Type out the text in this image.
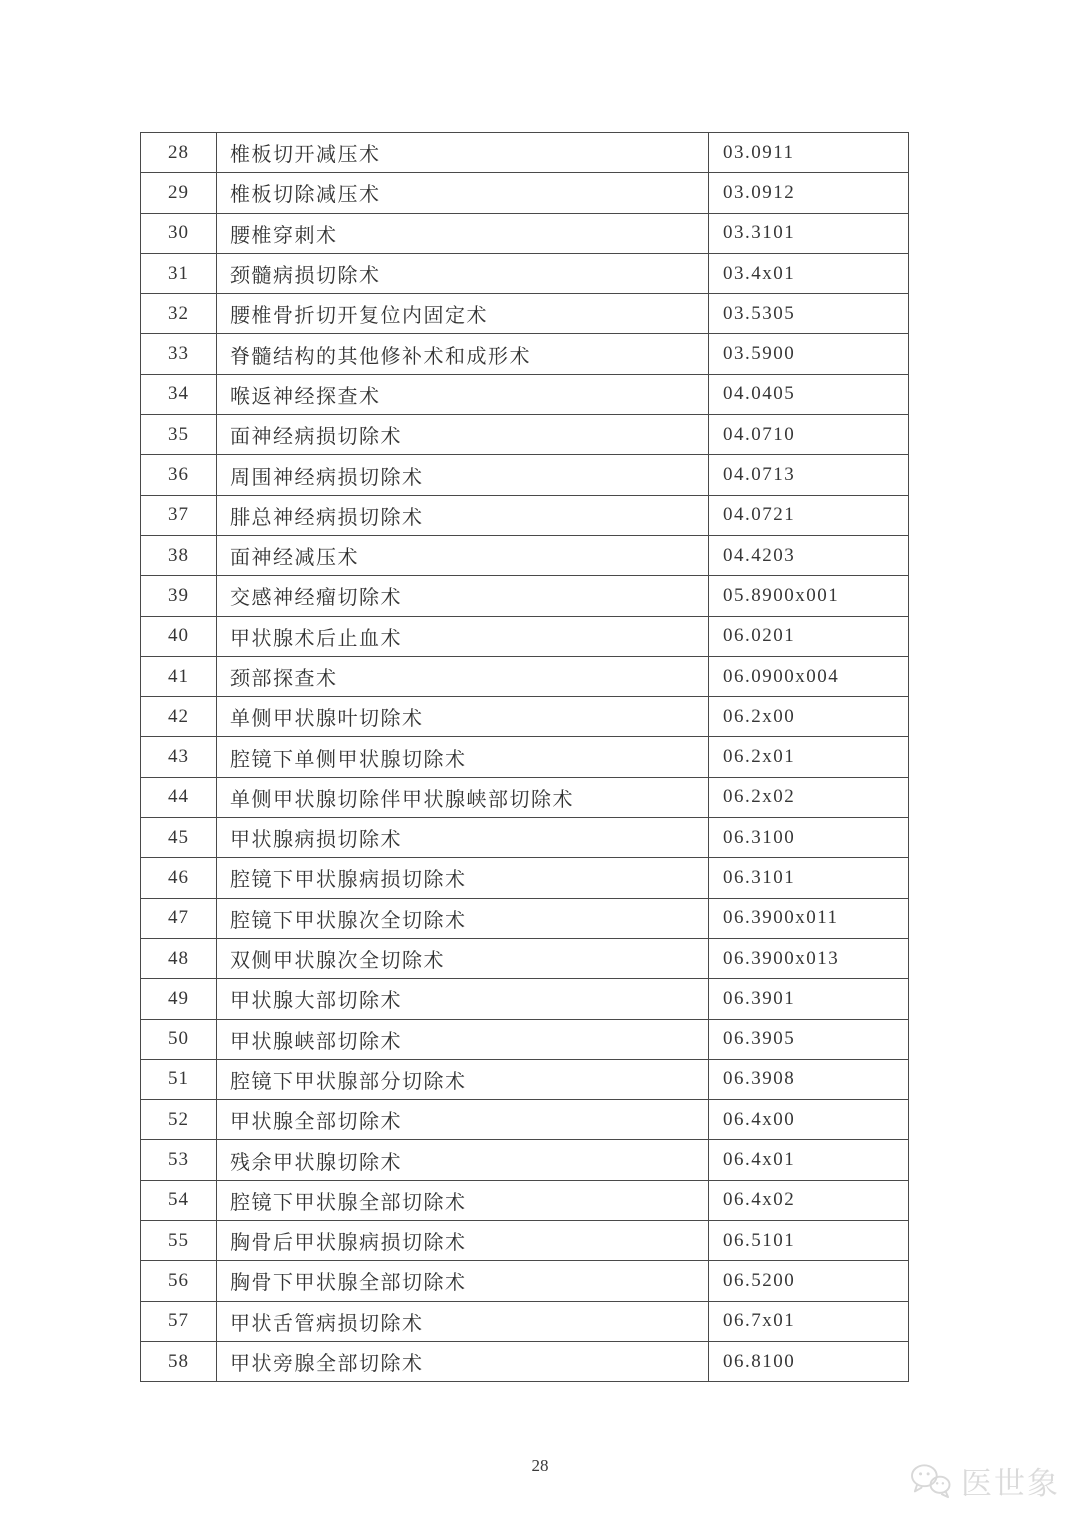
28	椎板切开减压术	03.0911
29	椎板切除减压术	03.0912
30	腰椎穿刺术	03.3101
31	颈髓病损切除术	03.4x01
32	腰椎骨折切开复位内固定术	03.5305
33	脊髓结构的其他修补术和成形术	03.5900
34	喉返神经探查术	04.0405
35	面神经病损切除术	04.0710
36	周围神经病损切除术	04.0713
37	腓总神经病损切除术	04.0721
38	面神经减压术	04.4203
39	交感神经瘤切除术	05.8900x001
40	甲状腺术后止血术	06.0201
41	颈部探查术	06.0900x004
42	单侧甲状腺叶切除术	06.2x00
43	腔镜下单侧甲状腺切除术	06.2x01
44	单侧甲状腺切除伴甲状腺峡部切除术	06.2x02
45	甲状腺病损切除术	06.3100
46	腔镜下甲状腺病损切除术	06.3101
47	腔镜下甲状腺次全切除术	06.3900x011
48	双侧甲状腺次全切除术	06.3900x013
49	甲状腺大部切除术	06.3901
50	甲状腺峡部切除术	06.3905
51	腔镜下甲状腺部分切除术	06.3908
52	甲状腺全部切除术	06.4x00
53	残余甲状腺切除术	06.4x01
54	腔镜下甲状腺全部切除术	06.4x02
55	胸骨后甲状腺病损切除术	06.5101
56	胸骨下甲状腺全部切除术	06.5200
57	甲状舌管病损切除术	06.7x01
58	甲状旁腺全部切除术	06.8100
28
医世象
